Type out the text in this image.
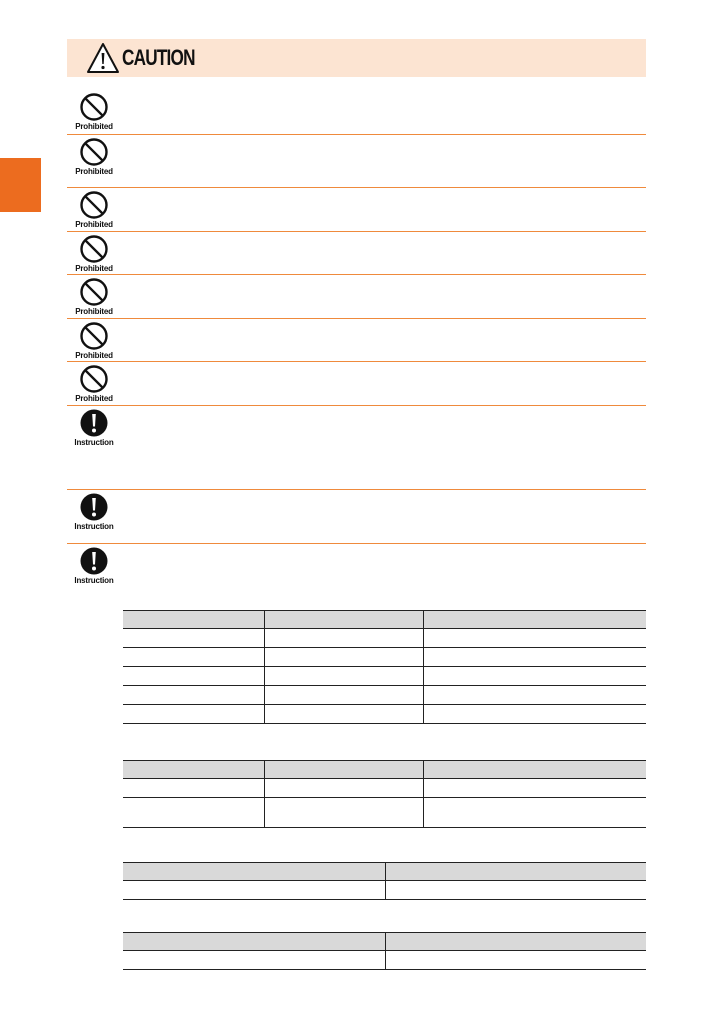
CAUTION
Prohibited
Prohibited
Prohibited
Prohibited
Prohibited
Prohibited
Prohibited
Instruction
Instruction
Instruction
